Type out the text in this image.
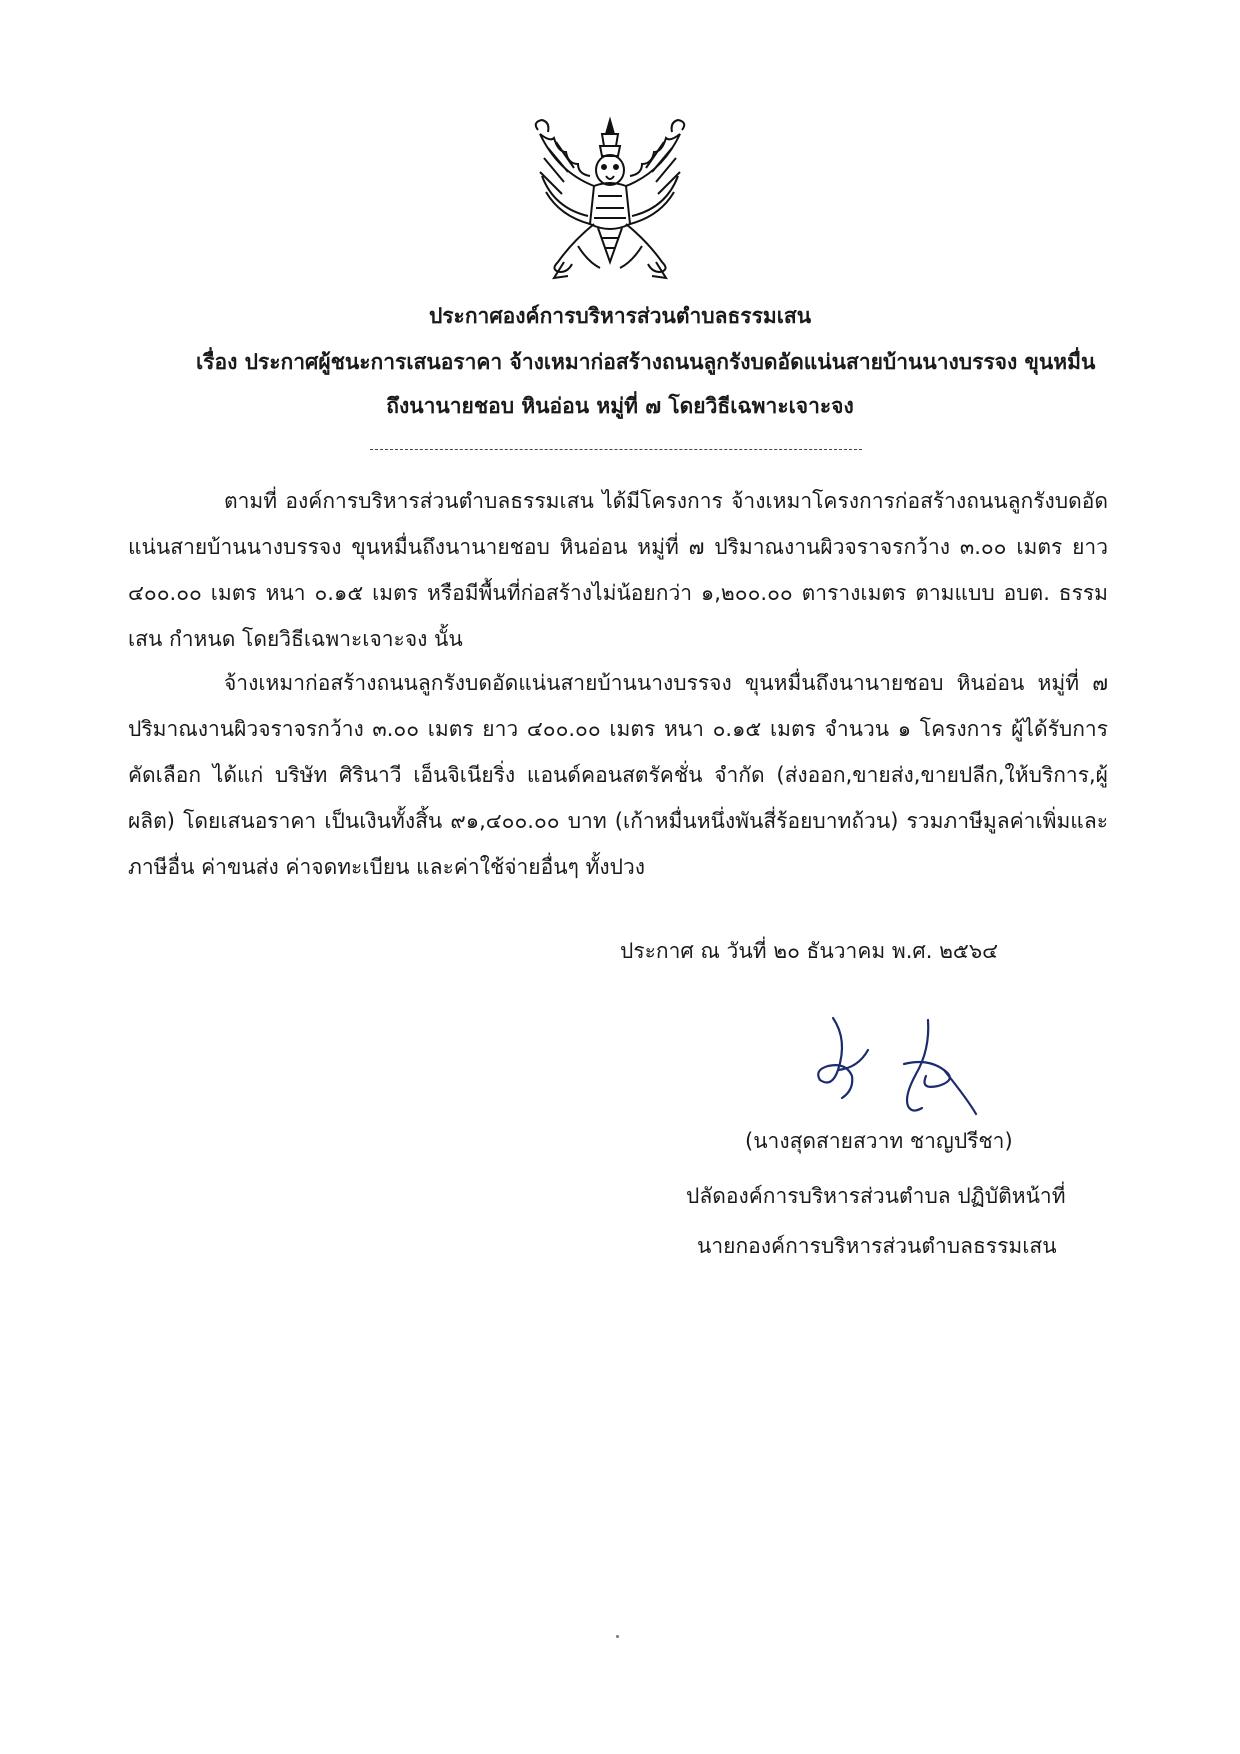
ประกาศองค์การบริหารส่วนตำบลธรรมเสน
เรื่อง ประกาศผู้ชนะการเสนอราคา จ้างเหมาก่อสร้างถนนลูกรังบดอัดแน่นสายบ้านนางบรรจง ขุนหมื่น
ถึงนานายชอบ หินอ่อน หมู่ที่ ๗ โดยวิธีเฉพาะเจาะจง
ตามที่ องค์การบริหารส่วนตำบลธรรมเสน ได้มีโครงการ จ้างเหมาโครงการก่อสร้างถนนลูกรังบดอัดแน่นสายบ้านนางบรรจง ขุนหมื่นถึงนานายชอบ หินอ่อน หมู่ที่ ๗ ปริมาณงานผิวจราจรกว้าง ๓.๐๐ เมตร ยาว ๔๐๐.๐๐ เมตร หนา ๐.๑๕ เมตร หรือมีพื้นที่ก่อสร้างไม่น้อยกว่า ๑,๒๐๐.๐๐ ตารางเมตร ตามแบบ อบต. ธรรมเสน กำหนด โดยวิธีเฉพาะเจาะจง นั้น
จ้างเหมาก่อสร้างถนนลูกรังบดอัดแน่นสายบ้านนางบรรจง ขุนหมื่นถึงนานายชอบ หินอ่อน หมู่ที่ ๗ ปริมาณงานผิวจราจรกว้าง ๓.๐๐ เมตร ยาว ๔๐๐.๐๐ เมตร หนา ๐.๑๕ เมตร จำนวน ๑ โครงการ ผู้ได้รับการคัดเลือก ได้แก่ บริษัท ศิรินาวี เอ็นจิเนียริ่ง แอนด์คอนสตรัคชั่น จำกัด (ส่งออก,ขายส่ง,ขายปลีก,ให้บริการ,ผู้ผลิต) โดยเสนอราคา เป็นเงินทั้งสิ้น ๙๑,๔๐๐.๐๐ บาท (เก้าหมื่นหนึ่งพันสี่ร้อยบาทถ้วน) รวมภาษีมูลค่าเพิ่มและภาษีอื่น ค่าขนส่ง ค่าจดทะเบียน และค่าใช้จ่ายอื่นๆ ทั้งปวง
ประกาศ ณ วันที่ ๒๐ ธันวาคม พ.ศ. ๒๕๖๔
(นางสุดสายสวาท ชาญปรีชา)
ปลัดองค์การบริหารส่วนตำบล ปฏิบัติหน้าที่
นายกองค์การบริหารส่วนตำบลธรรมเสน
